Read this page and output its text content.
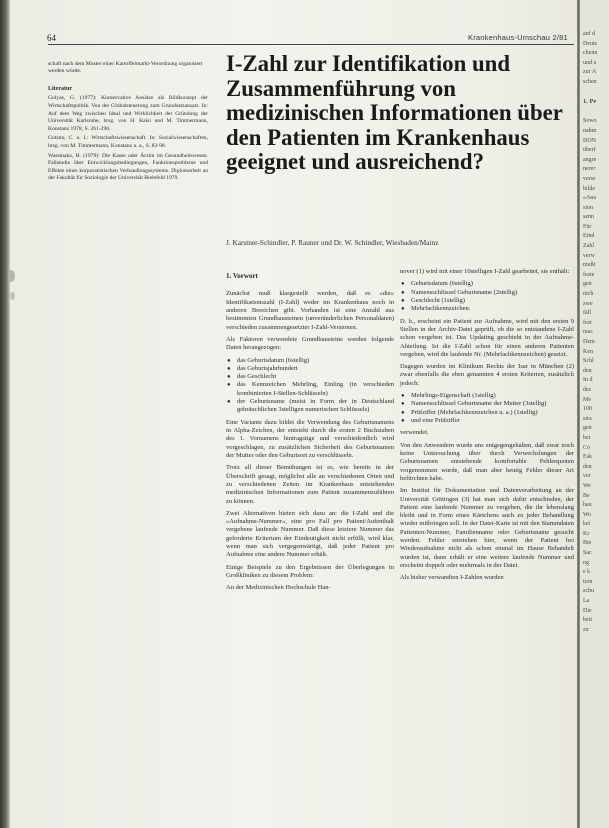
64	Krankenhaus-Umschau 2/81

schaft nach dem Muster einer Kartoffelmarkt-Verordnung organisiert werden würde.

Literatur
Gulyas, G. (1977): Konservative Ansätze als Bildkonzept der Wirtschaftspolitik. Von der Globalsteuerung zum Grundsatzansatz. In: Auf dem Weg zwischen Ideal und Wirklichkeit der Gründung der Universität Karlsruhe, hrsg. von H. Kaisi und M. Timmermann, Konstanz 1978, S. 261-290.
Gutzen, C. u. I.: Wirtschaftswissenschaft. In: Sozialwissenschaften, hrsg. von M. Timmermann, Konstanz u. a., S. 83-98.
Wassmaka, H. (1979): Die Kasse oder Ärztin im Gesundheitswesen. Fallstudie über Entwicklungsbedingungen, Funktionsprobleme und Effekte eines korporatistischen Verhandlungssystems. Diplomarbeit an der Fakultät für Soziologie der Universität Bielefeld 1979.
I-Zahl zur Identifikation und Zusammenführung von medizinischen Informationen über den Patienten im Krankenhaus geeignet und ausreichend?

J. Karstner-Schindler, P. Rauner und Dr. W. Schindler, Wiesbaden/Mainz

1. Vorwort

Zunächst muß klargestellt werden, daß es »die« Identifikationszahl (I-Zahl) weder im Krankenhaus noch in anderen Bereichen gibt. Vorhanden ist eine Anzahl aus bestimmten Grundbausteinen (unveränderlichen Personaldaten) verschieden zusammengesetzter I-Zahl-Versionen.

Als Faktoren verwendete Grundbausteine werden folgende Daten herangezogen:

● das Geburtsdatum (6stellig)
● das Geburtsjahrhundert
● das Geschlecht
● das Kennzeichen Mehrling, Einling (in verschieden kombinierten I-Stellen-Schlüsseln)
● der Geburtsname (meist in Form der in Deutschland gebräuchlichen 3stelligen numerischen Schlüssels)

Eine Variante dazu bildet die Verwendung des Geburtsnamens in Alpha-Zeichen, der entsteht durch die ersten 2 Buchstaben des 1. Vornamens hintragstige und verschiedentlich wird vorgeschlagen, zu zusätzlichen Sicherheit des Geburtsnamen der Mutter oder den Geburtsort zu verschlüsseln.

Trotz all dieser Bemühungen ist es, wie bereits in der Überschrift gesagt, möglichst alle an verschiedenen Orten und zu verschiedenen Zeiten im Krankenhaus entstehenden medizinischen Informationen zum Patient zusammenzuführen zu können.

Zwei Alternativen bieten sich dazu an: die I-Zahl und die »Aufnahme-Nummer«, eine pro Fall pro Patient/Aufenthalt vergebene laufende Nummer. Daß diese letztere Nummer das geforderte Kriterium der Eindeutigkeit nicht erfüllt, wird klar, wenn man sich vergegenwärtigt, daß jeder Patient pro Aufnahme eine andere Nummer erhält.

Einige Beispiele zu den Ergebnissen der Überlegungen in Großkliniken zu diesem Problem:

An der Medizinischen Hochschule Han-

nover (1) wird mit einer 10stelligen I-Zahl gearbeitet, sie enthält:

● Geburtsdatum (6stellig)
● Namensschlüssel Geburtsname (2stellig)
● Geschlecht (1stellig)
● Mehrfachkennzeichen.

D. h., erscheint ein Patient zur Aufnahme, wird mit den ersten 9 Stellen in der Archiv-Datei geprüft, ob die so entstandene I-Zahl schon vergeben ist. Das Updating geschieht in der Aufnahme-Abteilung. Ist die I-Zahl schon für einen anderen Patienten vergeben, wird die laufende Nr. (Mehrfachkennzeichen) gesetzt.

Dagegen wurden im Klinikum Rechts der Isar in München (2) zwar ebenfalls die eben genannten 4 ersten Kriterien, zusätzlich jedoch:

● Mehrlings-Eigenschaft (1stellig)
● Namensschlüssel Geburtsname der Mutter (3stellig)
● Prüfziffer (Mehrfachkennzeichen u. a.) (1stellig)
● und eine Prüfziffer

verwendet.

Von den Anwendern wurde uns entgegengehalten, daß zwar noch keine Untersuchung über durch Verwechslungen der Geburtsnamen entstehende komfortable Fehlerquoten vorgenommen wurde, daß man aber heutig Fehler dieser Art befürchten habe.

Im Institut für Dokumentation und Datenverarbeitung an der Universität Göttingen (3) hat man sich dafür entschieden, der Patient eine laufende Nummer zu vergeben, die ihr lebenslang bleibt und in Form eines Kärtchens auch zu jeder Behandlung wieder mitbringen soll. In der Datei-Karte ist mit den Stammdaten Patienten-Nummer, Familienname oder Geburtsname gesucht werden. Fehler entstehen hier, wenn der Patient bei Wiederaufnahme nicht als schon einmal im Hause Behandelt wurden ist, dann erhält er eine weitere laufende Nummer und erscheint doppelt oder mehrmals in der Datei.

Als bisher verwandten I-Zahlen wurden

auf d
Deuts
chenn
und a
zur A
schen

1. Pe

Sowo
nahm
DON
überf
angre
nerer
verse
bilde
»Ana
sion
senn
Für
Eind
Zahl
verw
mußt
feste
gen
nich
zwe
fäll
fest
mac
Dem
Ken
Schl
den
In d
des
Me
100
stra
gen
bei
Co
Fak
den
ver
We
Be
hau
Wo
kei
Kr
Bie
Sac
ng
e k
tion
schu
La
Die
beit
zu
